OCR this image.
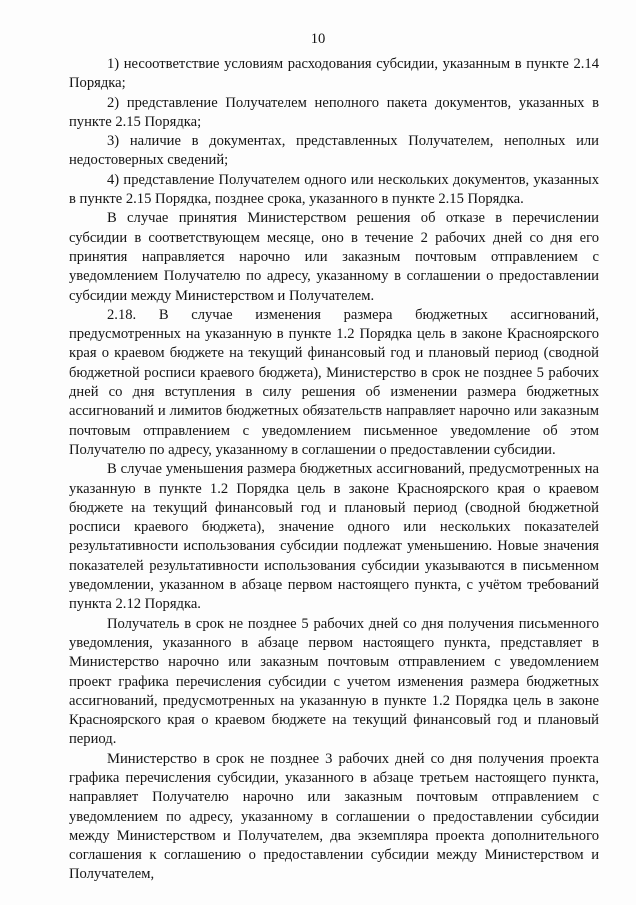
10

1) несоответствие условиям расходования субсидии, указанным в пункте 2.14 Порядка;

2) представление Получателем неполного пакета документов, указанных в пункте 2.15 Порядка;

3) наличие в документах, представленных Получателем, неполных или недостоверных сведений;

4) представление Получателем одного или нескольких документов, указанных в пункте 2.15 Порядка, позднее срока, указанного в пункте 2.15 Порядка.

В случае принятия Министерством решения об отказе в перечислении субсидии в соответствующем месяце, оно в течение 2 рабочих дней со дня его принятия направляется нарочно или заказным почтовым отправлением с уведомлением Получателю по адресу, указанному в соглашении о предоставлении субсидии между Министерством и Получателем.

2.18. В случае изменения размера бюджетных ассигнований, предусмотренных на указанную в пункте 1.2 Порядка цель в законе Красноярского края о краевом бюджете на текущий финансовый год и плановый период (сводной бюджетной росписи краевого бюджета), Министерство в срок не позднее 5 рабочих дней со дня вступления в силу решения об изменении размера бюджетных ассигнований и лимитов бюджетных обязательств направляет нарочно или заказным почтовым отправлением с уведомлением письменное уведомление об этом Получателю по адресу, указанному в соглашении о предоставлении субсидии.

В случае уменьшения размера бюджетных ассигнований, предусмотренных на указанную в пункте 1.2 Порядка цель в законе Красноярского края о краевом бюджете на текущий финансовый год и плановый период (сводной бюджетной росписи краевого бюджета), значение одного или нескольких показателей результативности использования субсидии подлежат уменьшению. Новые значения показателей результативности использования субсидии указываются в письменном уведомлении, указанном в абзаце первом настоящего пункта, с учётом требований пункта 2.12 Порядка.

Получатель в срок не позднее 5 рабочих дней со дня получения письменного уведомления, указанного в абзаце первом настоящего пункта, представляет в Министерство нарочно или заказным почтовым отправлением с уведомлением проект графика перечисления субсидии с учетом изменения размера бюджетных ассигнований, предусмотренных на указанную в пункте 1.2 Порядка цель в законе Красноярского края о краевом бюджете на текущий финансовый год и плановый период.

Министерство в срок не позднее 3 рабочих дней со дня получения проекта графика перечисления субсидии, указанного в абзаце третьем настоящего пункта, направляет Получателю нарочно или заказным почтовым отправлением с уведомлением по адресу, указанному в соглашении о предоставлении субсидии между Министерством и Получателем, два экземпляра проекта дополнительного соглашения к соглашению о предоставлении субсидии между Министерством и Получателем,
